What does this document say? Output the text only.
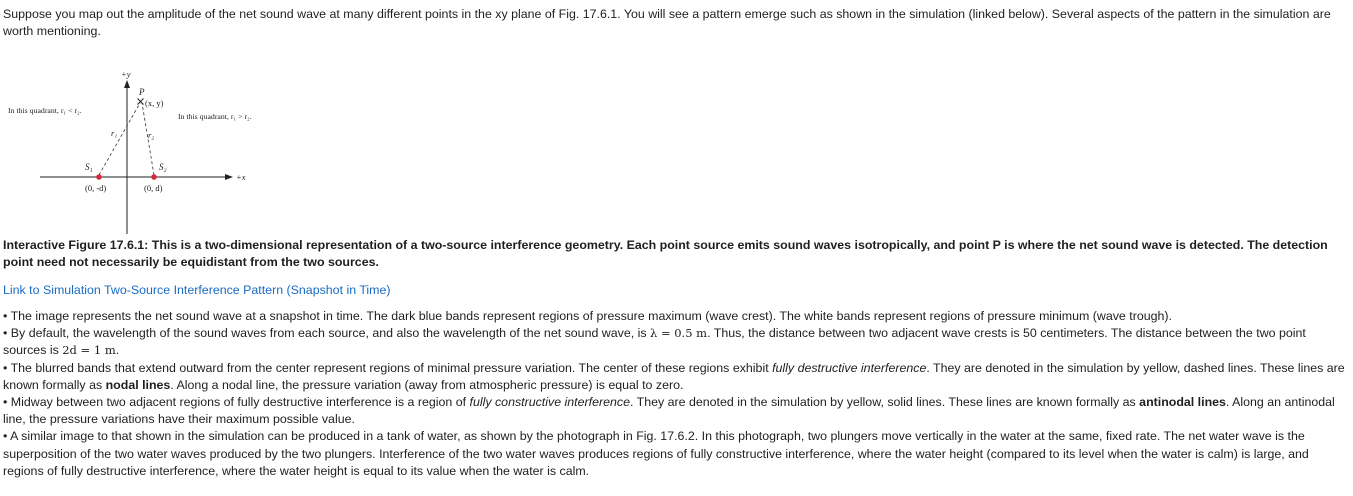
Suppose you map out the amplitude of the net sound wave at many different points in the xy plane of Fig. 17.6.1. You will see a pattern emerge such as shown in the simulation (linked below). Several aspects of the pattern in the simulation are worth mentioning.
+y
+x
P
(x, y)
In this quadrant, r₁ < r₂.
In this quadrant, r₁ > r₂.
r₁	r₂
S₁	S₂
(0, -d)	(0, d)
Interactive Figure 17.6.1: This is a two-dimensional representation of a two-source interference geometry. Each point source emits sound waves isotropically, and point P is where the net sound wave is detected. The detection point need not necessarily be equidistant from the two sources.
Link to Simulation Two-Source Interference Pattern (Snapshot in Time)
• The image represents the net sound wave at a snapshot in time. The dark blue bands represent regions of pressure maximum (wave crest). The white bands represent regions of pressure minimum (wave trough).
• By default, the wavelength of the sound waves from each source, and also the wavelength of the net sound wave, is λ = 0.5 m. Thus, the distance between two adjacent wave crests is 50 centimeters. The distance between the two point sources is 2d = 1 m.
• The blurred bands that extend outward from the center represent regions of minimal pressure variation. The center of these regions exhibit fully destructive interference. They are denoted in the simulation by yellow, dashed lines. These lines are known formally as nodal lines. Along a nodal line, the pressure variation (away from atmospheric pressure) is equal to zero.
• Midway between two adjacent regions of fully destructive interference is a region of fully constructive interference. They are denoted in the simulation by yellow, solid lines. These lines are known formally as antinodal lines. Along an antinodal line, the pressure variations have their maximum possible value.
• A similar image to that shown in the simulation can be produced in a tank of water, as shown by the photograph in Fig. 17.6.2. In this photograph, two plungers move vertically in the water at the same, fixed rate. The net water wave is the superposition of the two water waves produced by the two plungers. Interference of the two water waves produces regions of fully constructive interference, where the water height (compared to its level when the water is calm) is large, and regions of fully destructive interference, where the water height is equal to its value when the water is calm.
